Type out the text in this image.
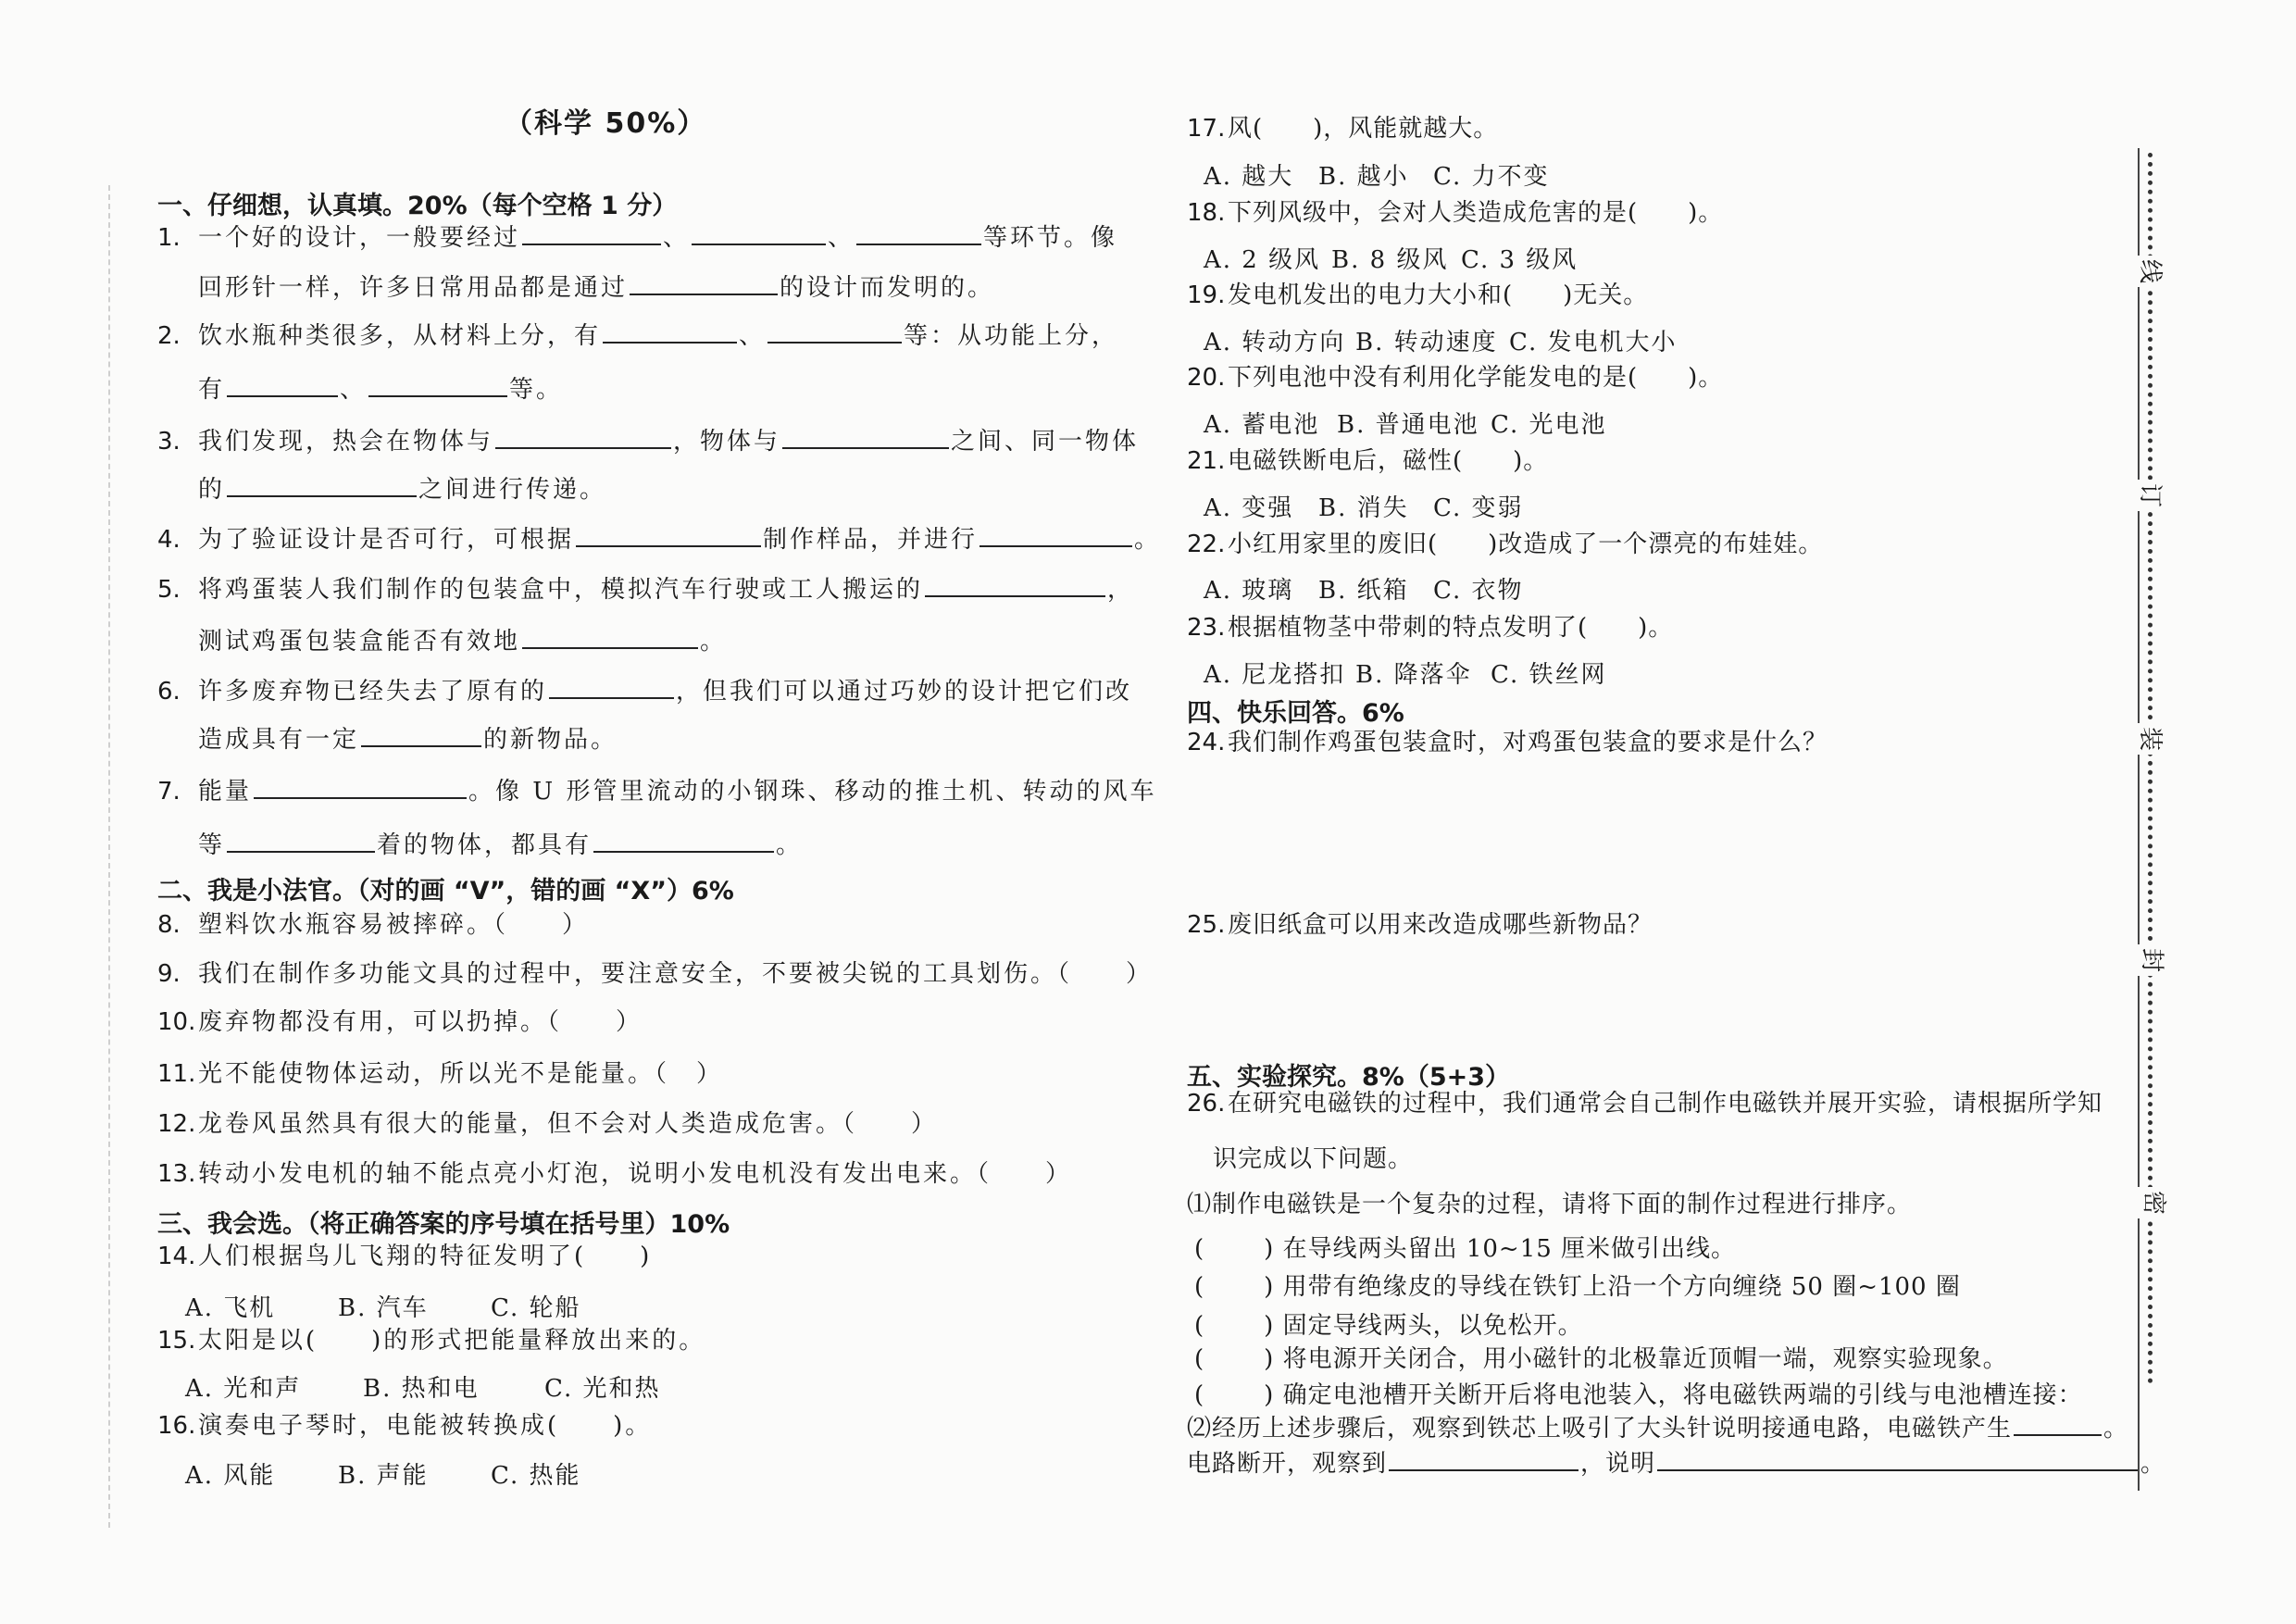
（科学 50%）
一、仔细想，认真填。20%（每个空格 1 分）
1. 一个好的设计，一般要经过	、	、	等环节。像
回形针一样，许多日常用品都是通过	的设计而发明的。
2. 饮水瓶种类很多，从材料上分，有	、	等：从功能上分，
有	、	等。
3. 我们发现，热会在物体与	，物体与	之间、同一物体
的	之间进行传递。
4. 为了验证设计是否可行，可根据	制作样品，并进行	。
5. 将鸡蛋装人我们制作的包装盒中，模拟汽车行驶或工人搬运的	，
测试鸡蛋包装盒能否有效地	。
6. 许多废弃物已经失去了原有的	，但我们可以通过巧妙的设计把它们改
造成具有一定	的新物品。
7. 能量	。像 U 形管里流动的小钢珠、移动的推土机、转动的风车
等	着的物体，都具有	。
二、我是小法官。（对的画 “V”，错的画 “X”）6%
8. 塑料饮水瓶容易被摔碎。（　　）
9. 我们在制作多功能文具的过程中，要注意安全，不要被尖锐的工具划伤。（　　）
10. 废弃物都没有用，可以扔掉。（　　）
11. 光不能使物体运动，所以光不是能量。（　）
12. 龙卷风虽然具有很大的能量，但不会对人类造成危害。（　　）
13. 转动小发电机的轴不能点亮小灯泡，说明小发电机没有发出电来。（　　）
三、我会选。（将正确答案的序号填在括号里）10%
14. 人们根据鸟儿飞翔的特征发明了(　　)
A. 飞机	B. 汽车	C. 轮船
15. 太阳是以(　　)的形式把能量释放出来的。
A. 光和声	B. 热和电	C. 光和热
16. 演奏电子琴时，电能被转换成(　　)。
A. 风能	B. 声能	C. 热能
17. 风(　　)，风能就越大。
A. 越大 B. 越小 C. 力不变
18. 下列风级中，会对人类造成危害的是(　　)。
A. 2 级风 B. 8 级风 C. 3 级风
19. 发电机发出的电力大小和(　　)无关。
A. 转动方向 B. 转动速度 C. 发电机大小
20. 下列电池中没有利用化学能发电的是(　　)。
A. 蓄电池 B. 普通电池 C. 光电池
21. 电磁铁断电后，磁性(　　)。
A. 变强 B. 消失 C. 变弱
22. 小红用家里的废旧(　　)改造成了一个漂亮的布娃娃。
A. 玻璃 B. 纸箱 C. 衣物
23. 根据植物茎中带刺的特点发明了(　　)。
A. 尼龙搭扣 B. 降落伞 C. 铁丝网
四、快乐回答。6%
24. 我们制作鸡蛋包装盒时，对鸡蛋包装盒的要求是什么？
25. 废旧纸盒可以用来改造成哪些新物品？
五、实验探究。8%（5+3）
26. 在研究电磁铁的过程中，我们通常会自己制作电磁铁并展开实验，请根据所学知
识完成以下问题。
⑴制作电磁铁是一个复杂的过程，请将下面的制作过程进行排序。
( ) 在导线两头留出 10~15 厘米做引出线。
( ) 用带有绝缘皮的导线在铁钉上沿一个方向缠绕 50 圈~100 圈
( ) 固定导线两头，以免松开。
( ) 将电源开关闭合，用小磁针的北极靠近顶帽一端，观察实验现象。
( ) 确定电池槽开关断开后将电池装入，将电磁铁两端的引线与电池槽连接：
⑵经历上述步骤后，观察到铁芯上吸引了大头针说明接通电路，电磁铁产生	。
电路断开，观察到	，说明	。
线
订
装
封
密
